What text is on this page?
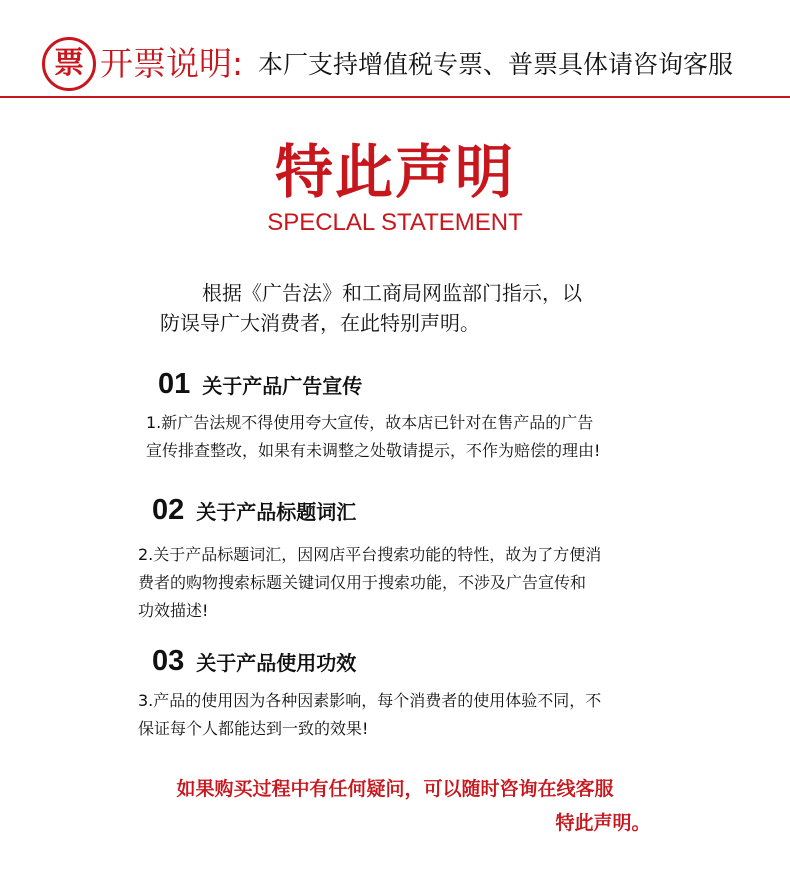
票 开票说明: 本厂支持增值税专票、普票具体请咨询客服
特此声明
SPECLAL STATEMENT
根据《广告法》和工商局网监部门指示，以
防误导广大消费者，在此特别声明。
01 关于产品广告宣传
1.新广告法规不得使用夸大宣传，故本店已针对在售产品的广告
宣传排查整改，如果有未调整之处敬请提示，不作为赔偿的理由!
02 关于产品标题词汇
2.关于产品标题词汇，因网店平台搜索功能的特性，故为了方便消
费者的购物搜索标题关键词仅用于搜索功能，不涉及广告宣传和
功效描述!
03 关于产品使用功效
3.产品的使用因为各种因素影响，每个消费者的使用体验不同，不
保证每个人都能达到一致的效果!
如果购买过程中有任何疑问，可以随时咨询在线客服
特此声明。
